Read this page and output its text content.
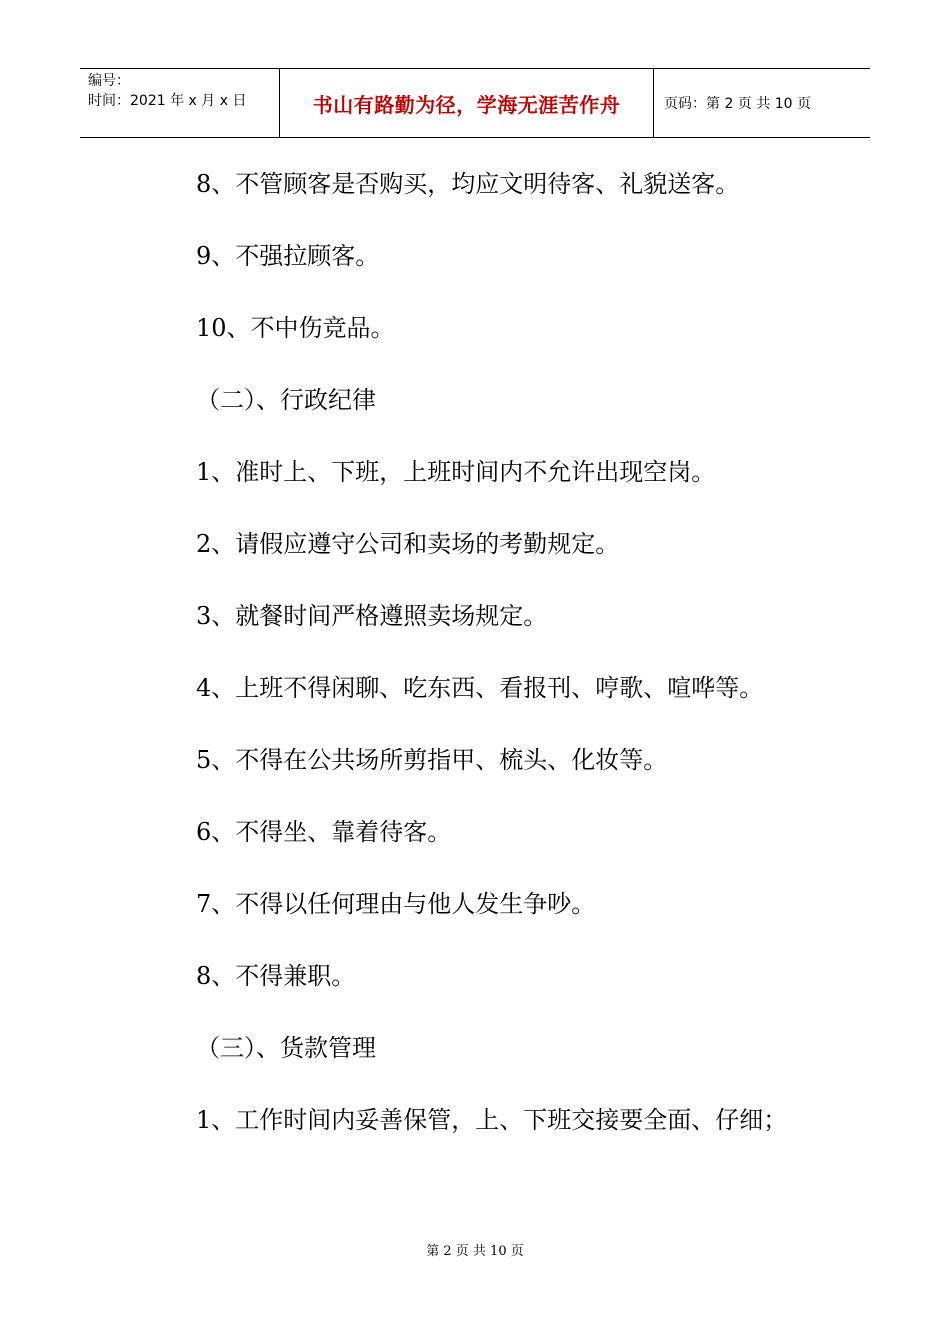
编号：
时间：2021 年 x 月 x 日	书山有路勤为径，学海无涯苦作舟	页码：第 2 页 共 10 页
8、不管顾客是否购买，均应文明待客、礼貌送客。
9、不强拉顾客。
10、不中伤竞品。
（二）、行政纪律
1、准时上、下班，上班时间内不允许出现空岗。
2、请假应遵守公司和卖场的考勤规定。
3、就餐时间严格遵照卖场规定。
4、上班不得闲聊、吃东西、看报刊、哼歌、喧哗等。
5、不得在公共场所剪指甲、梳头、化妆等。
6、不得坐、靠着待客。
7、不得以任何理由与他人发生争吵。
8、不得兼职。
（三）、货款管理
1、工作时间内妥善保管，上、下班交接要全面、仔细；
第 2 页 共 10 页
